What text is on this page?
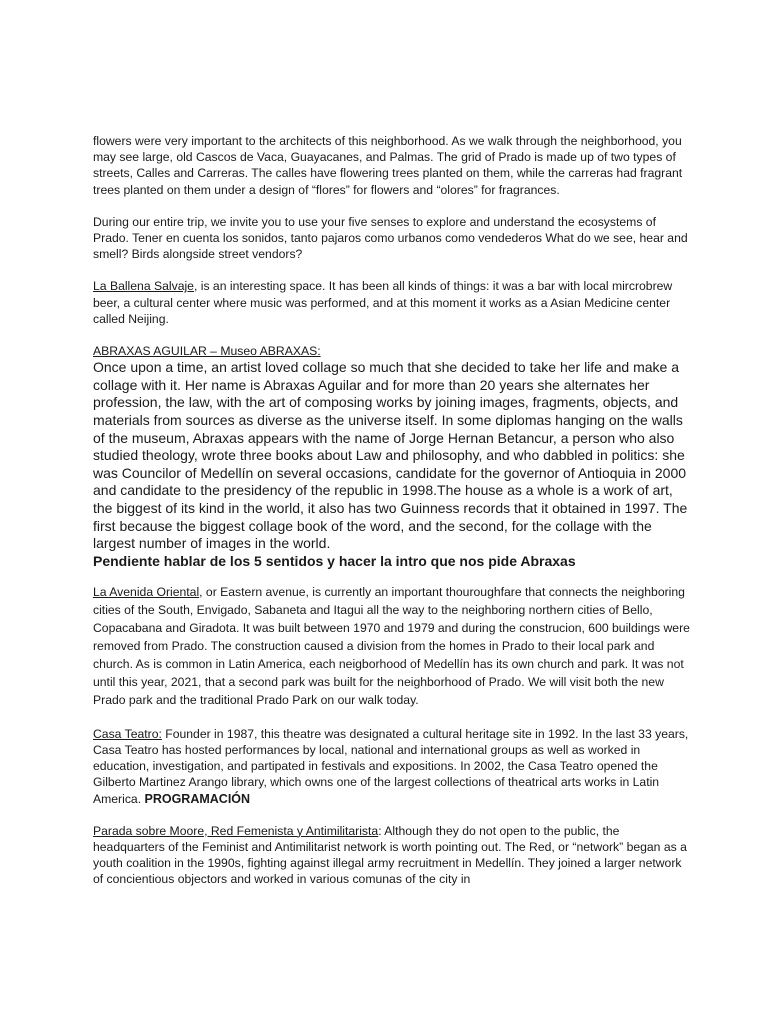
flowers were very important to the architects of this neighborhood. As we walk through the neighborhood, you may see large, old Cascos de Vaca, Guayacanes, and Palmas. The grid of Prado is made up of two types of streets, Calles and Carreras. The calles have flowering trees planted on them, while the carreras had fragrant trees planted on them under a design of “flores” for flowers and “olores” for fragrances.

During our entire trip, we invite you to use your five senses to explore and understand the ecosystems of Prado. Tener en cuenta los sonidos, tanto pajaros como urbanos como vendederos What do we see, hear and smell? Birds alongside street vendors?

La Ballena Salvaje, is an interesting space. It has been all kinds of things: it was a bar with local mircrobrew beer, a cultural center where music was performed, and at this moment it works as a Asian Medicine center called Neijing.

ABRAXAS AGUILAR – Museo ABRAXAS:

Once upon a time, an artist loved collage so much that she decided to take her life and make a collage with it. Her name is Abraxas Aguilar and for more than 20 years she alternates her profession, the law, with the art of composing works by joining images, fragments, objects, and materials from sources as diverse as the universe itself. In some diplomas hanging on the walls of the museum, Abraxas appears with the name of Jorge Hernan Betancur, a person who also studied theology, wrote three books about Law and philosophy, and who dabbled in politics: she was Councilor of Medellín on several occasions, candidate for the governor of Antioquia in 2000 and candidate to the presidency of the republic in 1998.The house as a whole is a work of art, the biggest of its kind in the world, it also has two Guinness records that it obtained in 1997. The first because the biggest collage book of the word, and the second, for the collage with the largest number of images in the world.

Pendiente hablar de los 5 sentidos y hacer la intro que nos pide Abraxas

La Avenida Oriental, or Eastern avenue, is currently an important thouroughfare that connects the neighboring cities of the South, Envigado, Sabaneta and Itagui all the way to the neighboring northern cities of Bello, Copacabana and Giradota. It was built between 1970 and 1979 and during the construcion, 600 buildings were removed from Prado. The construction caused a division from the homes in Prado to their local park and church. As is common in Latin America, each neigborhood of Medellín has its own church and park. It was not until this year, 2021, that a second park was built for the neighborhood of Prado. We will visit both the new Prado park and the traditional Prado Park on our walk today.

Casa Teatro: Founder in 1987, this theatre was designated a cultural heritage site in 1992. In the last 33 years, Casa Teatro has hosted performances by local, national and international groups as well as worked in education, investigation, and partipated in festivals and expositions. In 2002, the Casa Teatro opened the Gilberto Martinez Arango library, which owns one of the largest collections of theatrical arts works in Latin America. PROGRAMACIÓN

Parada sobre Moore, Red Femenista y Antimilitarista: Although they do not open to the public, the headquarters of the Feminist and Antimilitarist network is worth pointing out. The Red, or “network” began as a youth coalition in the 1990s, fighting against illegal army recruitment in Medellín. They joined a larger network of concientious objectors and worked in various comunas of the city in
